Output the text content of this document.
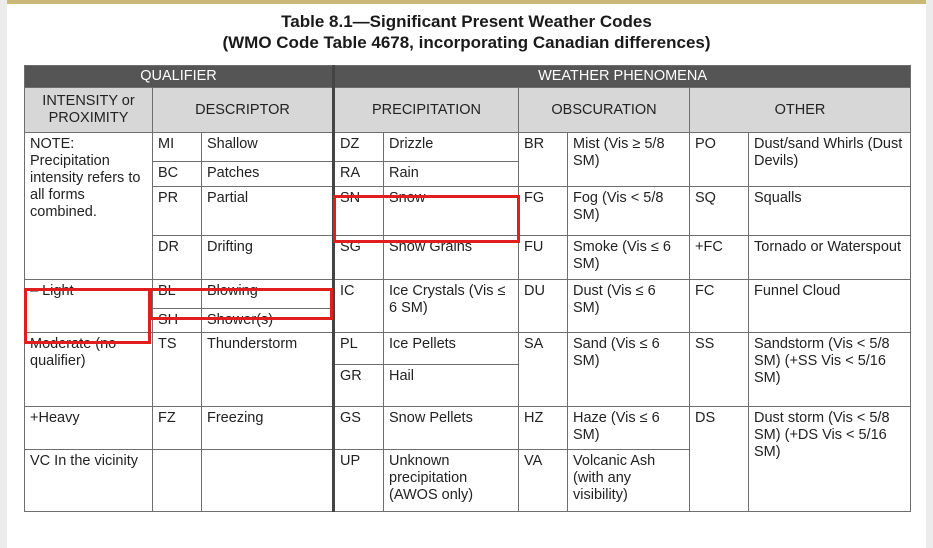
Table 8.1—Significant Present Weather Codes
(WMO Code Table 4678, incorporating Canadian differences)
QUALIFIER			WEATHER PHENOMENA					
INTENSITY or PROXIMITY	DESCRIPTOR		PRECIPITATION		OBSCURATION		OTHER	
NOTE: Precipitation intensity refers to all forms combined.	MI	Shallow	DZ	Drizzle	BR	Mist (Vis ≥ 5/8 SM)	PO	Dust/sand Whirls (Dust Devils)
	BC	Patches	RA	Rain				
	PR	Partial	SN	Snow	FG	Fog (Vis < 5/8 SM)	SQ	Squalls
	DR	Drifting	SG	Snow Grains	FU	Smoke (Vis ≤ 6 SM)	+FC	Tornado or Waterspout
– Light	BL	Blowing	IC	Ice Crystals (Vis ≤ 6 SM)	DU	Dust (Vis ≤ 6 SM)	FC	Funnel Cloud
	SH	Shower(s)						
Moderate (no qualifier)	TS	Thunderstorm	PL	Ice Pellets	SA	Sand (Vis ≤ 6 SM)	SS	Sandstorm (Vis < 5/8 SM) (+SS Vis < 5/16 SM)
			GR	Hail				
+Heavy	FZ	Freezing	GS	Snow Pellets	HZ	Haze (Vis ≤ 6 SM)	DS	Dust storm (Vis < 5/8 SM) (+DS Vis < 5/16 SM)
VC In the vicinity			UP	Unknown precipitation (AWOS only)	VA	Volcanic Ash (with any visibility)		
